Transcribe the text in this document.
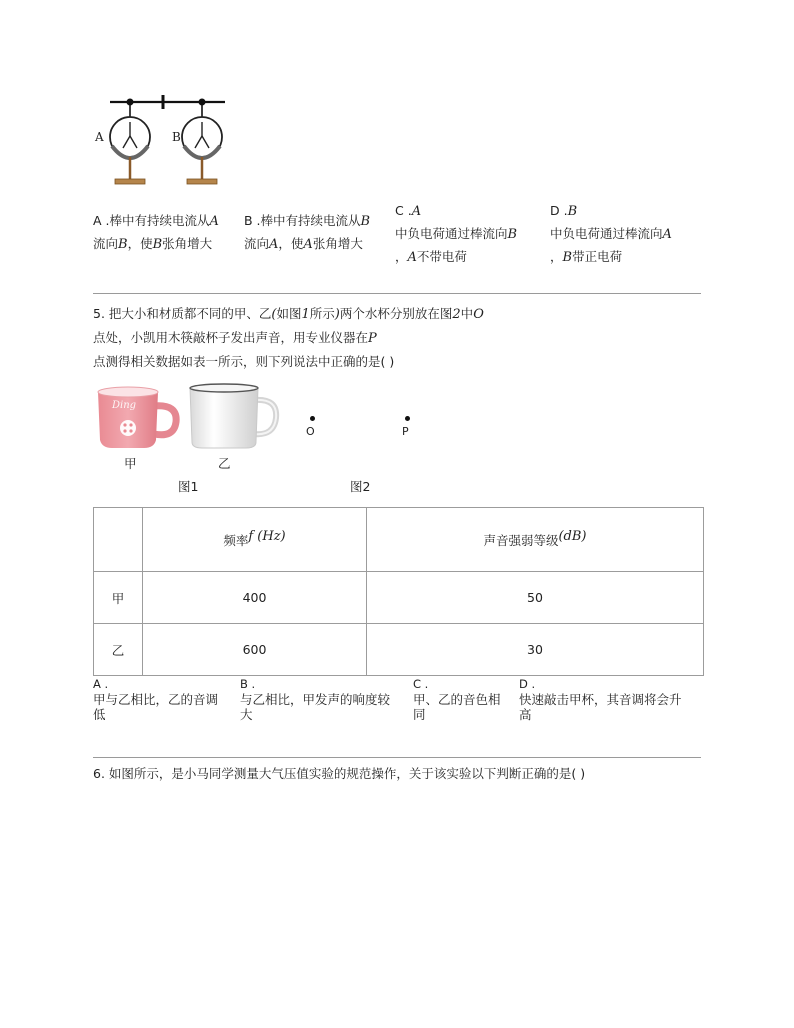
A	B
A .棒中有持续电流从A
流向B，使B张角增大
B .棒中有持续电流从B
流向A，使A张角增大
C .A
中负电荷通过棒流向B
，A不带电荷
D .B
中负电荷通过棒流向A
，B带正电荷
5. 把大小和材质都不同的甲、乙(如图1所示)两个水杯分别放在图2中O
点处，小凯用木筷敲杯子发出声音，用专业仪器在P
点测得相关数据如表一所示，则下列说法中正确的是( )
Ding
甲	乙
O	P
图1	图2
	频率f (Hz)	声音强弱等级(dB)
甲	400	50
乙	600	30
A .
甲与乙相比，乙的音调
低
B .
与乙相比，甲发声的响度较
大
C .
甲、乙的音色相
同
D .
快速敲击甲杯，其音调将会升
高
6. 如图所示，是小马同学测量大气压值实验的规范操作，关于该实验以下判断正确的是( )
